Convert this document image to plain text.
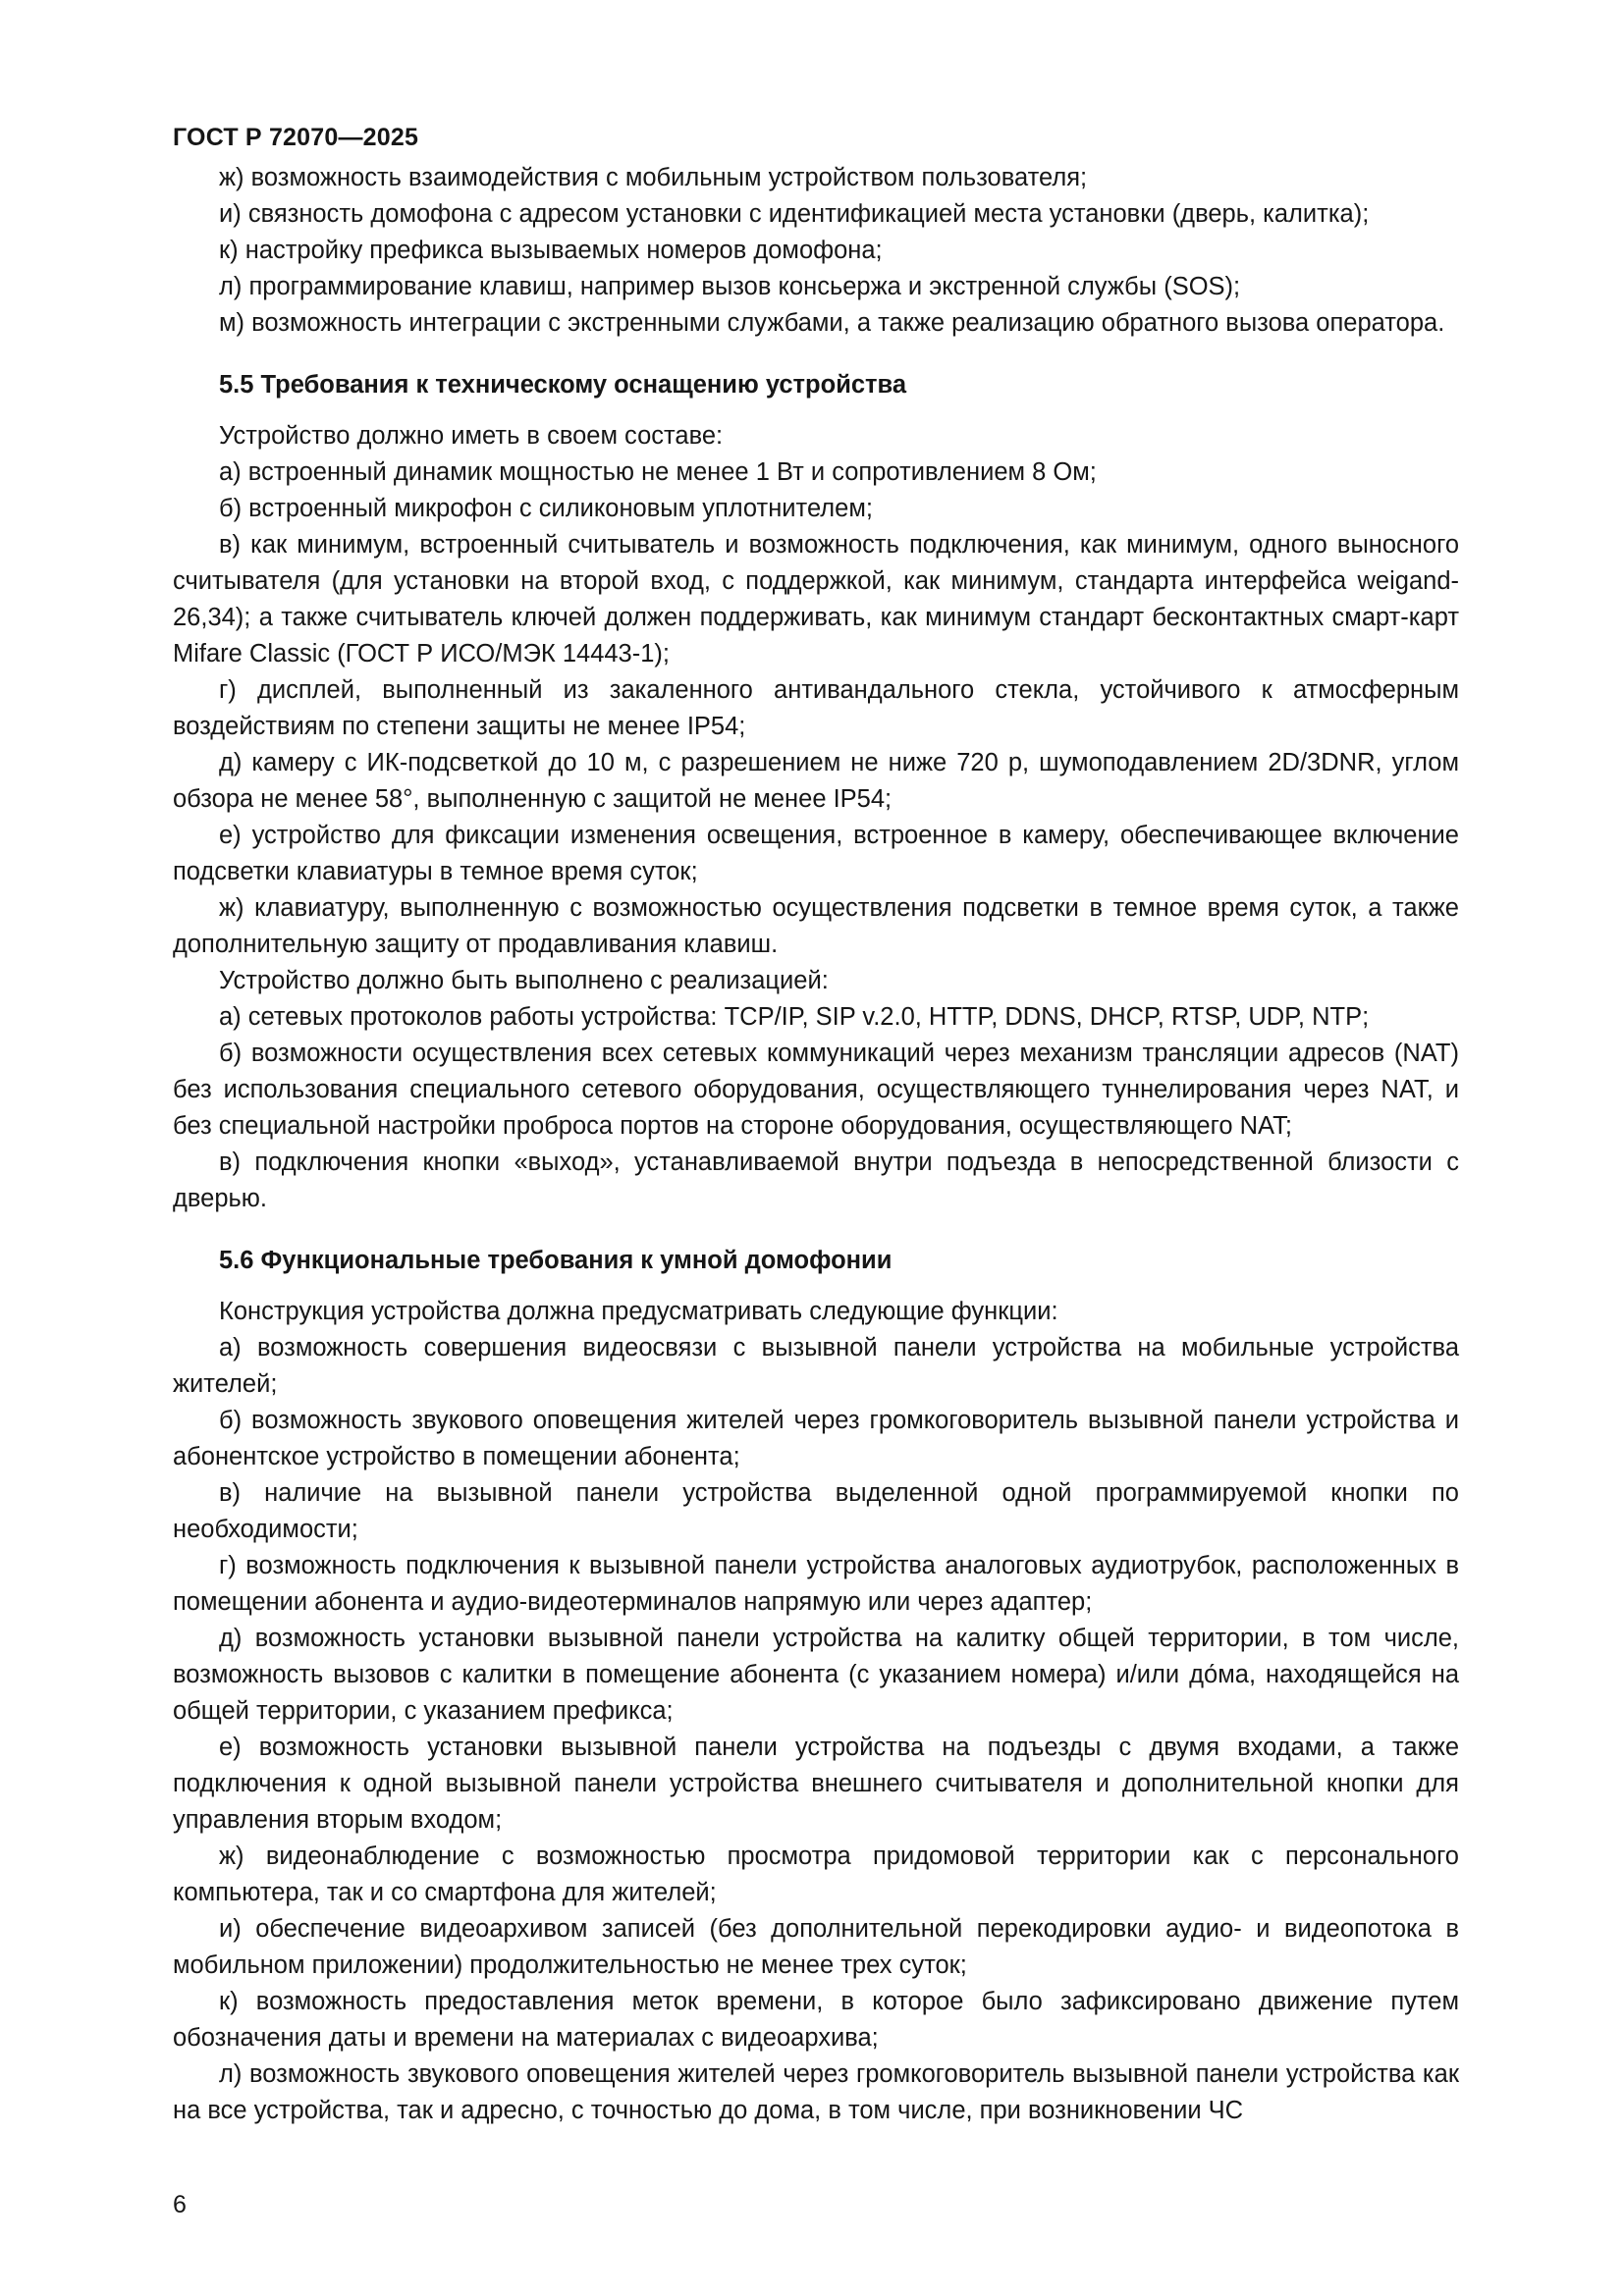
ГОСТ Р 72070—2025

ж) возможность взаимодействия с мобильным устройством пользователя;

и) связность домофона с адресом установки с идентификацией места установки (дверь, калитка);

к) настройку префикса вызываемых номеров домофона;

л) программирование клавиш, например вызов консьержа и экстренной службы (SOS);

м) возможность интеграции с экстренными службами, а также реализацию обратного вызова оператора.

5.5 Требования к техническому оснащению устройства

Устройство должно иметь в своем составе:

а) встроенный динамик мощностью не менее 1 Вт и сопротивлением 8 Ом;

б) встроенный микрофон с силиконовым уплотнителем;

в) как минимум, встроенный считыватель и возможность подключения, как минимум, одного выносного считывателя (для установки на второй вход, с поддержкой, как минимум, стандарта интерфейса weigand-26,34); а также считыватель ключей должен поддерживать, как минимум стандарт бесконтактных смарт-карт Mifare Classic (ГОСТ Р ИСО/МЭК 14443-1);

г) дисплей, выполненный из закаленного антивандального стекла, устойчивого к атмосферным воздействиям по степени защиты не менее IP54;

д) камеру с ИК-подсветкой до 10 м, с разрешением не ниже 720 p, шумоподавлением 2D/3DNR, углом обзора не менее 58°, выполненную с защитой не менее IP54;

е) устройство для фиксации изменения освещения, встроенное в камеру, обеспечивающее включение подсветки клавиатуры в темное время суток;

ж) клавиатуру, выполненную с возможностью осуществления подсветки в темное время суток, а также дополнительную защиту от продавливания клавиш.

Устройство должно быть выполнено с реализацией:

а) сетевых протоколов работы устройства: TCP/IP, SIP v.2.0, HTTP, DDNS, DHCP, RTSP, UDP, NTP;

б) возможности осуществления всех сетевых коммуникаций через механизм трансляции адресов (NAT) без использования специального сетевого оборудования, осуществляющего туннелирования через NAT, и без специальной настройки проброса портов на стороне оборудования, осуществляющего NAT;

в) подключения кнопки «выход», устанавливаемой внутри подъезда в непосредственной близости с дверью.

5.6 Функциональные требования к умной домофонии

Конструкция устройства должна предусматривать следующие функции:

а) возможность совершения видеосвязи с вызывной панели устройства на мобильные устройства жителей;

б) возможность звукового оповещения жителей через громкоговоритель вызывной панели устройства и абонентское устройство в помещении абонента;

в) наличие на вызывной панели устройства выделенной одной программируемой кнопки по необходимости;

г) возможность подключения к вызывной панели устройства аналоговых аудиотрубок, расположенных в помещении абонента и аудио-видеотерминалов напрямую или через адаптер;

д) возможность установки вызывной панели устройства на калитку общей территории, в том числе, возможность вызовов с калитки в помещение абонента (с указанием номера) и/или до́ма, находящейся на общей территории, с указанием префикса;

е) возможность установки вызывной панели устройства на подъезды с двумя входами, а также подключения к одной вызывной панели устройства внешнего считывателя и дополнительной кнопки для управления вторым входом;

ж) видеонаблюдение с возможностью просмотра придомовой территории как с персонального компьютера, так и со смартфона для жителей;

и) обеспечение видеоархивом записей (без дополнительной перекодировки аудио- и видеопотока в мобильном приложении) продолжительностью не менее трех суток;

к) возможность предоставления меток времени, в которое было зафиксировано движение путем обозначения даты и времени на материалах с видеоархива;

л) возможность звукового оповещения жителей через громкоговоритель вызывной панели устройства как на все устройства, так и адресно, с точностью до дома, в том числе, при возникновении ЧС

6
